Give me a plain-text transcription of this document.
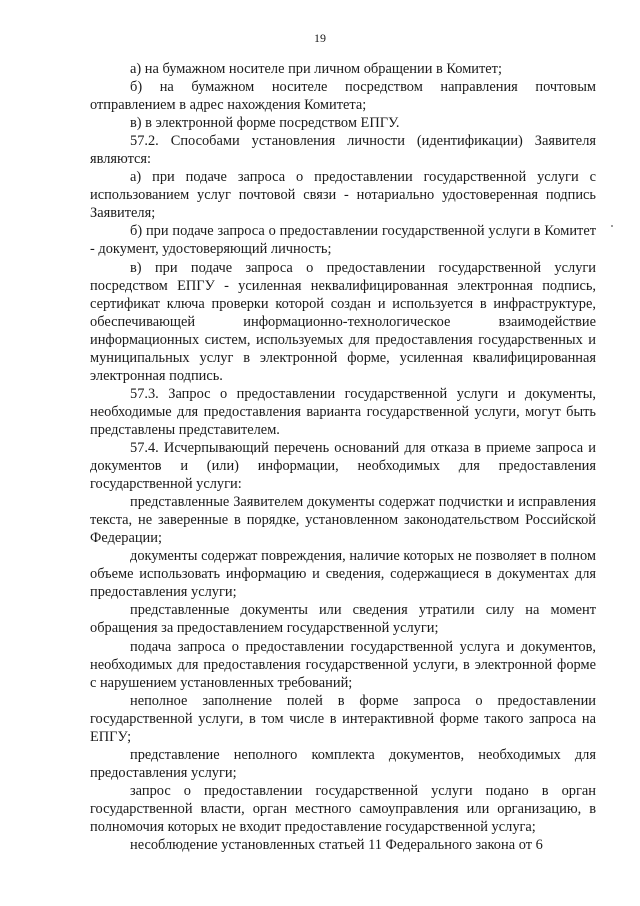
19

а) на бумажном носителе при личном обращении в Комитет;

б) на бумажном носителе посредством направления почтовым отправлением в адрес нахождения Комитета;

в) в электронной форме посредством ЕПГУ.

57.2. Способами установления личности (идентификации) Заявителя являются:

а) при подаче запроса о предоставлении государственной услуги с использованием услуг почтовой связи - нотариально удостоверенная подпись Заявителя;

б) при подаче запроса о предоставлении государственной услуги в Комитет - документ, удостоверяющий личность;

в) при подаче запроса о предоставлении государственной услуги посредством ЕПГУ - усиленная неквалифицированная электронная подпись, сертификат ключа проверки которой создан и используется в инфраструктуре, обеспечивающей информационно-технологическое взаимодействие информационных систем, используемых для предоставления государственных и муниципальных услуг в электронной форме, усиленная квалифицированная электронная подпись.

57.3. Запрос о предоставлении государственной услуги и документы, необходимые для предоставления варианта государственной услуги, могут быть представлены представителем.

57.4. Исчерпывающий перечень оснований для отказа в приеме запроса и документов и (или) информации, необходимых для предоставления государственной услуги:

представленные Заявителем документы содержат подчистки и исправления текста, не заверенные в порядке, установленном законодательством Российской Федерации;

документы содержат повреждения, наличие которых не позволяет в полном объеме использовать информацию и сведения, содержащиеся в документах для предоставления услуги;

представленные документы или сведения утратили силу на момент обращения за предоставлением государственной услуги;

подача запроса о предоставлении государственной услуга и документов, необходимых для предоставления государственной услуги, в электронной форме с нарушением установленных требований;

неполное заполнение полей в форме запроса о предоставлении государственной услуги, в том числе в интерактивной форме такого запроса на ЕПГУ;

представление неполного комплекта документов, необходимых для предоставления услуги;

запрос о предоставлении государственной услуги подано в орган государственной власти, орган местного самоуправления или организацию, в полномочия которых не входит предоставление государственной услуга;

несоблюдение установленных статьей 11 Федерального закона от 6
